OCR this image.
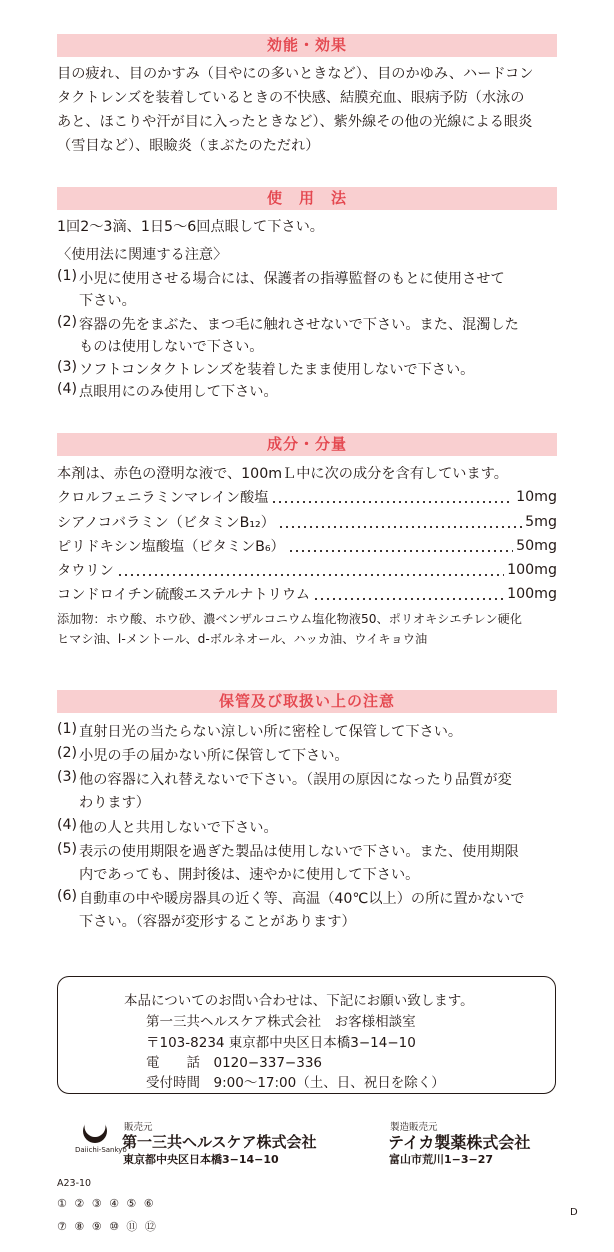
効能・効果
目の疲れ、目のかすみ（目やにの多いときなど）、目のかゆみ、ハードコン
タクトレンズを装着しているときの不快感、結膜充血、眼病予防（水泳の
あと、ほこりや汗が目に入ったときなど）、紫外線その他の光線による眼炎
（雪目など）、眼瞼炎（まぶたのただれ）
使　用　法
1回2〜3滴、1日5〜6回点眼して下さい。
〈使用法に関連する注意〉
(1) 小児に使用させる場合には、保護者の指導監督のもとに使用させて
下さい。
(2) 容器の先をまぶた、まつ毛に触れさせないで下さい。また、混濁した
ものは使用しないで下さい。
(3) ソフトコンタクトレンズを装着したまま使用しないで下さい。
(4) 点眼用にのみ使用して下さい。
成分・分量
本剤は、赤色の澄明な液で、100mＬ中に次の成分を含有しています。
クロルフェニラミンマレイン酸塩	10mg
シアノコバラミン（ビタミンB₁₂）	5mg
ピリドキシン塩酸塩（ビタミンB₆）	50mg
タウリン	100mg
コンドロイチン硫酸エステルナトリウム	100mg
添加物：ホウ酸、ホウ砂、濃ベンザルコニウム塩化物液50、ポリオキシエチレン硬化
ヒマシ油、l-メントール、d-ボルネオール、ハッカ油、ウイキョウ油
保管及び取扱い上の注意
(1) 直射日光の当たらない涼しい所に密栓して保管して下さい。
(2) 小児の手の届かない所に保管して下さい。
(3) 他の容器に入れ替えないで下さい。（誤用の原因になったり品質が変
わります）
(4) 他の人と共用しないで下さい。
(5) 表示の使用期限を過ぎた製品は使用しないで下さい。また、使用期限
内であっても、開封後は、速やかに使用して下さい。
(6) 自動車の中や暖房器具の近く等、高温（40℃以上）の所に置かないで
下さい。（容器が変形することがあります）
本品についてのお問い合わせは、下記にお願い致します。
第一三共ヘルスケア株式会社　お客様相談室
〒103-8234 東京都中央区日本橋3−14−10
電　　話　0120−337−336
受付時間　9:00〜17:00（土、日、祝日を除く）
Daiichi-Sankyo
販売元
第一三共ヘルスケア株式会社
東京都中央区日本橋3−14−10
製造販売元
テイカ製薬株式会社
富山市荒川1−3−27
A23-10
① ② ③ ④ ⑤ ⑥
⑦ ⑧ ⑨ ⑩ ⑪ ⑫
D
